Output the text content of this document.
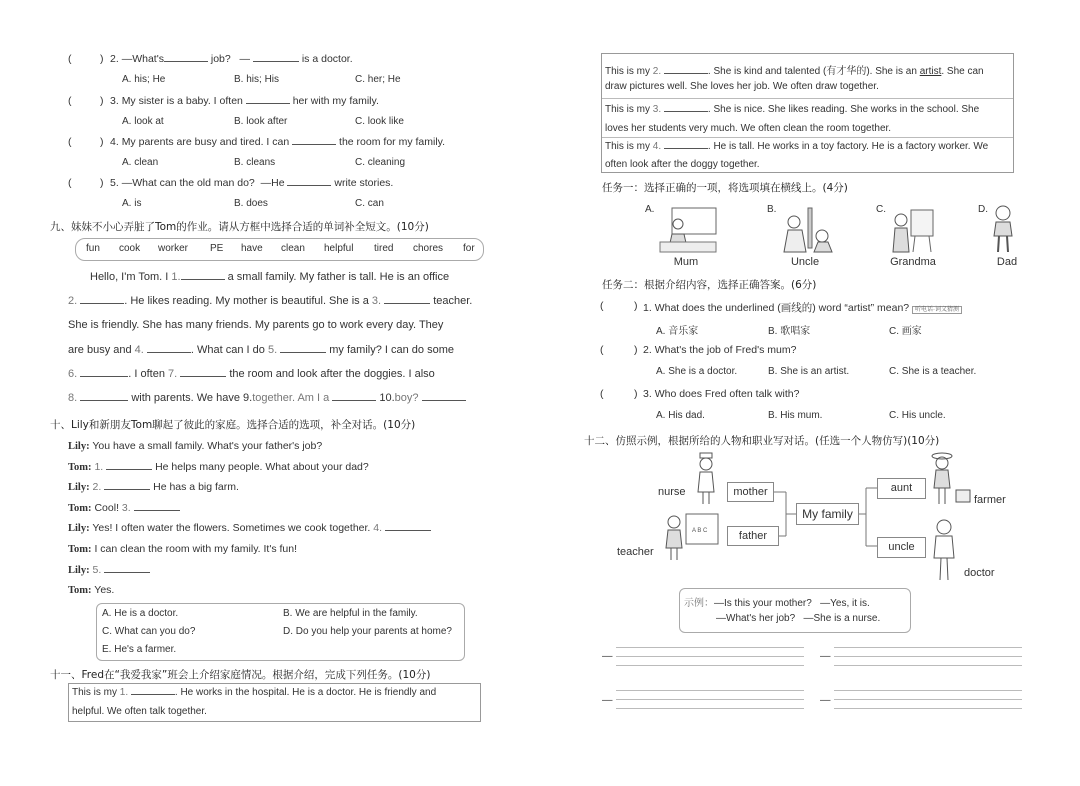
(	) 2. —What's	job? —	is a doctor.
A. his; He	B. his; His	C. her; He
(	) 3. My sister is a baby. I often	her with my family.
A. look at	B. look after	C. look like
(	) 4. My parents are busy and tired. I can	the room for my family.
A. clean	B. cleans	C. cleaning
(	) 5. —What can the old man do? —He	write stories.
A. is	B. does	C. can
九、妹妹不小心弄脏了Tom的作业。请从方框中选择合适的单词补全短文。(10分)
fun cook worker PE have clean helpful tired chores for
Hello, I'm Tom. I 1.	a small family. My father is tall. He is an office
2.	. He likes reading. My mother is beautiful. She is a 3.	teacher.
She is friendly. She has many friends. My parents go to work every day. They
are busy and 4.	. What can I do 5.	my family? I can do some
6.	. I often 7.	the room and look after the doggies. I also
8.	with parents. We have 9.together. Am I a	10.boy?
十、Lily和新朋友Tom聊起了彼此的家庭。选择合适的选项，补全对话。(10分)
Lily: You have a small family. What's your father's job?
Tom: 1.	He helps many people. What about your dad?
Lily: 2.	He has a big farm.
Tom: Cool! 3.
Lily: Yes! I often water the flowers. Sometimes we cook together. 4.
Tom: I can clean the room with my family. It's fun!
Lily: 5.
Tom: Yes.
A. He is a doctor.	B. We are helpful in the family.
C. What can you do?	D. Do you help your parents at home?
E. He's a farmer.
十一、Fred在“我爱我家”班会上介绍家庭情况。根据介绍，完成下列任务。(10分)
This is my 1.	. He works in the hospital. He is a doctor. He is friendly and
helpful. We often talk together.
This is my 2.	. She is kind and talented (有才华的). She is an artist. She can
draw pictures well. She loves her job. We often draw together.
This is my 3.	. She is nice. She likes reading. She works in the school. She
loves her students very much. We often clean the room together.
This is my 4.	. He is tall. He works in a toy factory. He is a factory worker. We
often look after the doggy together.
任务一：选择正确的一项，将选项填在横线上。(4分)
A.
Mum
B.
Uncle
C.
Grandma
D.
Dad
任务二：根据介绍内容，选择正确答案。(6分)
(	) 1. What does the underlined (画线的) word “artist” mean? 听电话·词义猜测
A. 音乐家	B. 歌唱家	C. 画家
(	) 2. What's the job of Fred's mum?
A. She is a doctor.	B. She is an artist.	C. She is a teacher.
(	) 3. Who does Fred often talk with?
A. His dad.	B. His mum.	C. His uncle.
十二、仿照示例，根据所给的人物和职业写对话。(任选一个人物仿写)(10分)
mother
father
My family
aunt
uncle
nurse
teacher
A B C
farmer
doctor
示例：—Is this your mother? —Yes, it is.
—What's her job? —She is a nurse.
—	—
—	—
